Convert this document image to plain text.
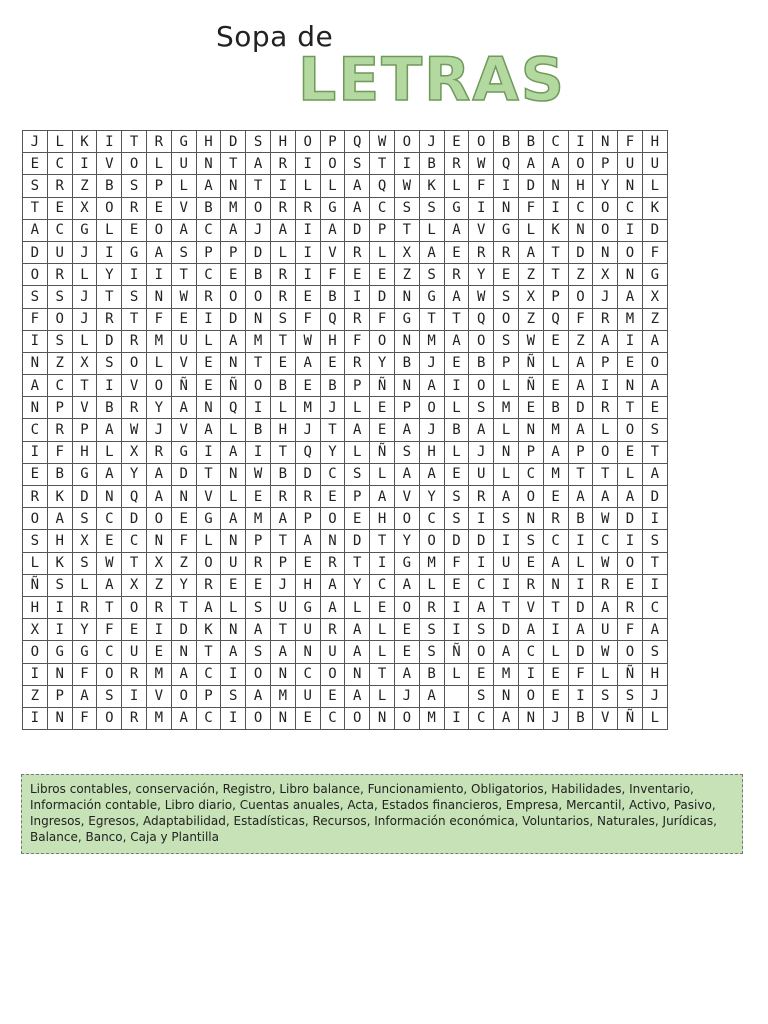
Sopa de
LETRAS
J	L	K	I	T	R	G	H	D	S	H	O	P	Q	W	O	J	E	O	B	B	C	I	N	F	H
E	C	I	V	O	L	U	N	T	A	R	I	O	S	T	I	B	R	W	Q	A	A	O	P	U	U
S	R	Z	B	S	P	L	A	N	T	I	L	L	A	Q	W	K	L	F	I	D	N	H	Y	N	L
T	E	X	O	R	E	V	B	M	O	R	R	G	A	C	S	S	G	I	N	F	I	C	O	C	K
A	C	G	L	E	O	A	C	A	J	A	I	A	D	P	T	L	A	V	G	L	K	N	O	I	D
D	U	J	I	G	A	S	P	P	D	L	I	V	R	L	X	A	E	R	R	A	T	D	N	O	F
O	R	L	Y	I	I	T	C	E	B	R	I	F	E	E	Z	S	R	Y	E	Z	T	Z	X	N	G
S	S	J	T	S	N	W	R	O	O	R	E	B	I	D	N	G	A	W	S	X	P	O	J	A	X
F	O	J	R	T	F	E	I	D	N	S	F	Q	R	F	G	T	T	Q	O	Z	Q	F	R	M	Z
I	S	L	D	R	M	U	L	A	M	T	W	H	F	O	N	M	A	O	S	W	E	Z	A	I	A
N	Z	X	S	O	L	V	E	N	T	E	A	E	R	Y	B	J	E	B	P	Ñ	L	A	P	E	O
A	C	T	I	V	O	Ñ	E	Ñ	O	B	E	B	P	Ñ	N	A	I	O	L	Ñ	E	A	I	N	A
N	P	V	B	R	Y	A	N	Q	I	L	M	J	L	E	P	O	L	S	M	E	B	D	R	T	E
C	R	P	A	W	J	V	A	L	B	H	J	T	A	E	A	J	B	A	L	N	M	A	L	O	S
I	F	H	L	X	R	G	I	A	I	T	Q	Y	L	Ñ	S	H	L	J	N	P	A	P	O	E	T
E	B	G	A	Y	A	D	T	N	W	B	D	C	S	L	A	A	E	U	L	C	M	T	T	L	A
R	K	D	N	Q	A	N	V	L	E	R	R	E	P	A	V	Y	S	R	A	O	E	A	A	A	D
O	A	S	C	D	O	E	G	A	M	A	P	O	E	H	O	C	S	I	S	N	R	B	W	D	I
S	H	X	E	C	N	F	L	N	P	T	A	N	D	T	Y	O	D	D	I	S	C	I	C	I	S
L	K	S	W	T	X	Z	O	U	R	P	E	R	T	I	G	M	F	I	U	E	A	L	W	O	T
Ñ	S	L	A	X	Z	Y	R	E	E	J	H	A	Y	C	A	L	E	C	I	R	N	I	R	E	I
H	I	R	T	O	R	T	A	L	S	U	G	A	L	E	O	R	I	A	T	V	T	D	A	R	C
X	I	Y	F	E	I	D	K	N	A	T	U	R	A	L	E	S	I	S	D	A	I	A	U	F	A
O	G	G	C	U	E	N	T	A	S	A	N	U	A	L	E	S	Ñ	O	A	C	L	D	W	O	S
I	N	F	O	R	M	A	C	I	O	N	C	O	N	T	A	B	L	E	M	I	E	F	L	Ñ	H
Z	P	A	S	I	V	O	P	S	A	M	U	E	A	L	J	A		S	N	O	E	I	S	S	J
I	N	F	O	R	M	A	C	I	O	N	E	C	O	N	O	M	I	C	A	N	J	B	V	Ñ	L
Libros contables, conservación, Registro, Libro balance, Funcionamiento, Obligatorios, Habilidades, Inventario, Información contable, Libro diario, Cuentas anuales, Acta, Estados financieros, Empresa, Mercantil, Activo, Pasivo, Ingresos, Egresos, Adaptabilidad, Estadísticas, Recursos, Información económica, Voluntarios, Naturales, Jurídicas, Balance, Banco, Caja y Plantilla
